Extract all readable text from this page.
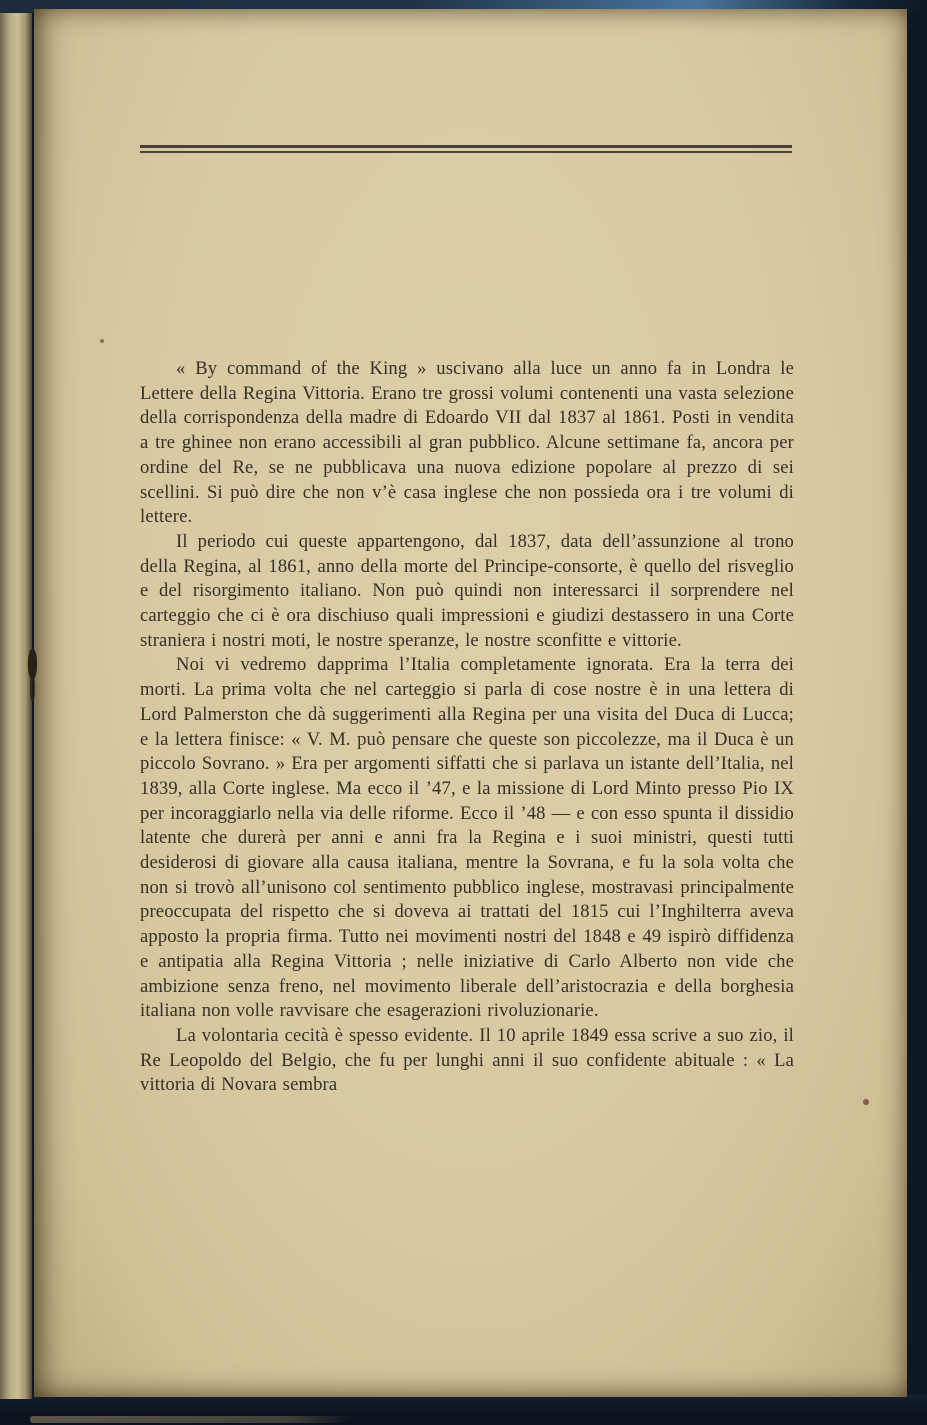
« By command of the King » uscivano alla luce un anno fa in Londra le Lettere della Regina Vittoria. Erano tre grossi volumi contenenti una vasta selezione della corrispondenza della madre di Edoardo VII dal 1837 al 1861. Posti in vendita a tre ghinee non erano accessibili al gran pubblico. Alcune settimane fa, ancora per ordine del Re, se ne pubblicava una nuova edizione popolare al prezzo di sei scellini. Si può dire che non v’è casa inglese che non possieda ora i tre volumi di lettere.

Il periodo cui queste appartengono, dal 1837, data dell’assunzione al trono della Regina, al 1861, anno della morte del Principe-consorte, è quello del risveglio e del risorgimento italiano. Non può quindi non interessarci il sorprendere nel carteggio che ci è ora dischiuso quali impressioni e giudizi destassero in una Corte straniera i nostri moti, le nostre speranze, le nostre sconfitte e vittorie.

Noi vi vedremo dapprima l’Italia completamente ignorata. Era la terra dei morti. La prima volta che nel carteggio si parla di cose nostre è in una lettera di Lord Palmerston che dà suggerimenti alla Regina per una visita del Duca di Lucca; e la lettera finisce: « V. M. può pensare che queste son piccolezze, ma il Duca è un piccolo Sovrano. » Era per argomenti siffatti che si parlava un istante dell’Italia, nel 1839, alla Corte inglese. Ma ecco il ’47, e la missione di Lord Minto presso Pio IX per incoraggiarlo nella via delle riforme. Ecco il ’48 — e con esso spunta il dissidio latente che durerà per anni e anni fra la Regina e i suoi ministri, questi tutti desiderosi di giovare alla causa italiana, mentre la Sovrana, e fu la sola volta che non si trovò all’unisono col sentimento pubblico inglese, mostravasi principalmente preoccupata del rispetto che si doveva ai trattati del 1815 cui l’Inghilterra aveva apposto la propria firma. Tutto nei movimenti nostri del 1848 e 49 ispirò diffidenza e antipatia alla Regina Vittoria ; nelle iniziative di Carlo Alberto non vide che ambizione senza freno, nel movimento liberale dell’aristocrazia e della borghesia italiana non volle ravvisare che esagerazioni rivoluzionarie.

La volontaria cecità è spesso evidente. Il 10 aprile 1849 essa scrive a suo zio, il Re Leopoldo del Belgio, che fu per lunghi anni il suo confidente abituale : « La vittoria di Novara sembra
